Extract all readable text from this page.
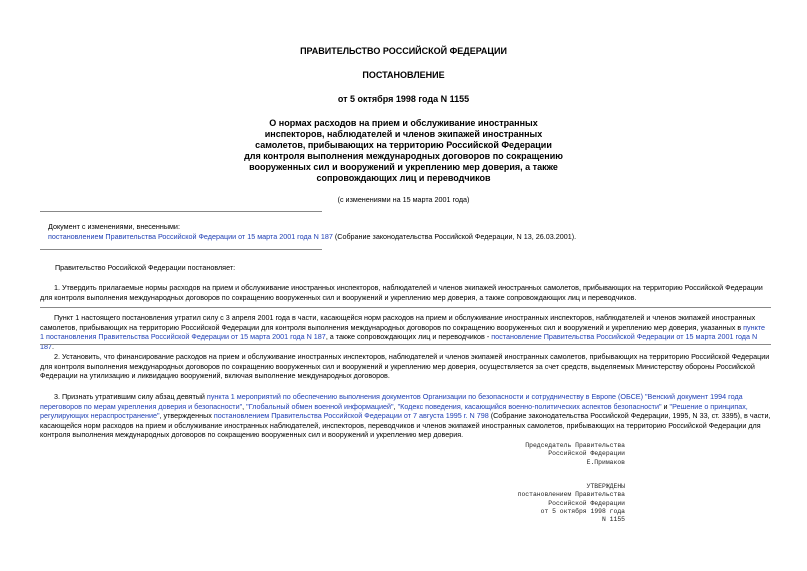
ПРАВИТЕЛЬСТВО РОССИЙСКОЙ ФЕДЕРАЦИИ
ПОСТАНОВЛЕНИЕ
от 5 октября 1998 года N 1155
О нормах расходов на прием и обслуживание иностранных
инспекторов, наблюдателей и членов экипажей иностранных
самолетов, прибывающих на территорию Российской Федерации
для контроля выполнения международных договоров по сокращению
вооруженных сил и вооружений и укреплению мер доверия, а также
сопровождающих лиц и переводчиков
(с изменениями на 15 марта 2001 года)
Документ с изменениями, внесенными:
постановлением Правительства Российской Федерации от 15 марта 2001 года N 187 (Собрание законодательства Российской Федерации, N 13, 26.03.2001).
Правительство Российской Федерации постановляет:
1. Утвердить прилагаемые нормы расходов на прием и обслуживание иностранных инспекторов, наблюдателей и членов экипажей иностранных самолетов, прибывающих на территорию Российской Федерации для контроля выполнения международных договоров по сокращению вооруженных сил и вооружений и укреплению мер доверия, а также сопровождающих лиц и переводчиков.
Пункт 1 настоящего постановления утратил силу с 3 апреля 2001 года в части, касающейся норм расходов на прием и обслуживание иностранных инспекторов, наблюдателей и членов экипажей иностранных самолетов, прибывающих на территорию Российской Федерации для контроля выполнения международных договоров по сокращению вооруженных сил и вооружений и укреплению мер доверия, указанных в пункте 1 постановления Правительства Российской Федерации от 15 марта 2001 года N 187, а также сопровождающих лиц и переводчиков - постановление Правительства Российской Федерации от 15 марта 2001 года N 187.
2. Установить, что финансирование расходов на прием и обслуживание иностранных инспекторов, наблюдателей и членов экипажей иностранных самолетов, прибывающих на территорию Российской Федерации для контроля выполнения международных договоров по сокращению вооруженных сил и вооружений и укреплению мер доверия, осуществляется за счет средств, выделяемых Министерству обороны Российской Федерации на утилизацию и ликвидацию вооружений, включая выполнение международных договоров.
3. Признать утратившим силу абзац девятый пункта 1 мероприятий по обеспечению выполнения документов Организации по безопасности и сотрудничеству в Европе (ОБСЕ) "Венский документ 1994 года переговоров по мерам укрепления доверия и безопасности", "Глобальный обмен военной информацией", "Кодекс поведения, касающийся военно-политических аспектов безопасности" и "Решение о принципах, регулирующих нераспространение", утвержденных постановлением Правительства Российской Федерации от 7 августа 1995 г. N 798 (Собрание законодательства Российской Федерации, 1995, N 33, ст. 3395), в части, касающейся норм расходов на прием и обслуживание иностранных наблюдателей, инспекторов, переводчиков и членов экипажей иностранных самолетов, прибывающих на территорию Российской Федерации для контроля выполнения международных договоров по сокращению вооруженных сил и вооружений и укреплению мер доверия.
Председатель Правительства
Российской Федерации
Е.Примаков
УТВЕРЖДЕНЫ
постановлением Правительства
Российской Федерации
от 5 октября 1998 года
N 1155
